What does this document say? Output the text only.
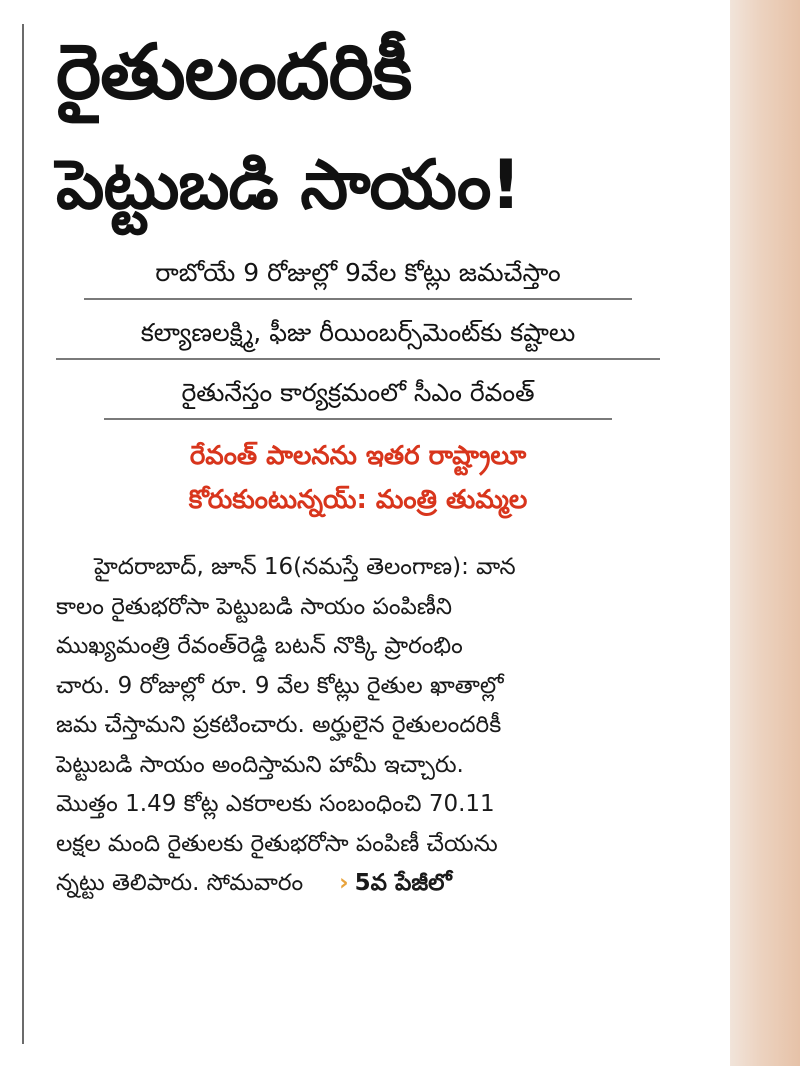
రైతులందరికీ
పెట్టుబడి సాయం!
రాబోయే 9 రోజుల్లో 9వేల కోట్లు జమచేస్తాం
కల్యాణలక్ష్మి, ఫీజు రీయింబర్స్‌మెంట్‌కు కష్టాలు
రైతునేస్తం కార్యక్రమంలో సీఎం రేవంత్
రేవంత్ పాలనను ఇతర రాష్ట్రాలూ
కోరుకుంటున్నయ్: మంత్రి తుమ్మల
హైదరాబాద్, జూన్ 16(నమస్తే తెలంగాణ): వాన
కాలం రైతుభరోసా పెట్టుబడి సాయం పంపిణీని
ముఖ్యమంత్రి రేవంత్‌రెడ్డి బటన్ నొక్కి ప్రారంభిం
చారు. 9 రోజుల్లో రూ. 9 వేల కోట్లు రైతుల ఖాతాల్లో
జమ చేస్తామని ప్రకటించారు. అర్హులైన రైతులందరికీ
పెట్టుబడి సాయం అందిస్తామని హామీ ఇచ్చారు.
మొత్తం 1.49 కోట్ల ఎకరాలకు సంబంధించి 70.11
లక్షల మంది రైతులకు రైతుభరోసా పంపిణీ చేయను
న్నట్టు తెలిపారు. సోమవారం › 5వ పేజీలో
